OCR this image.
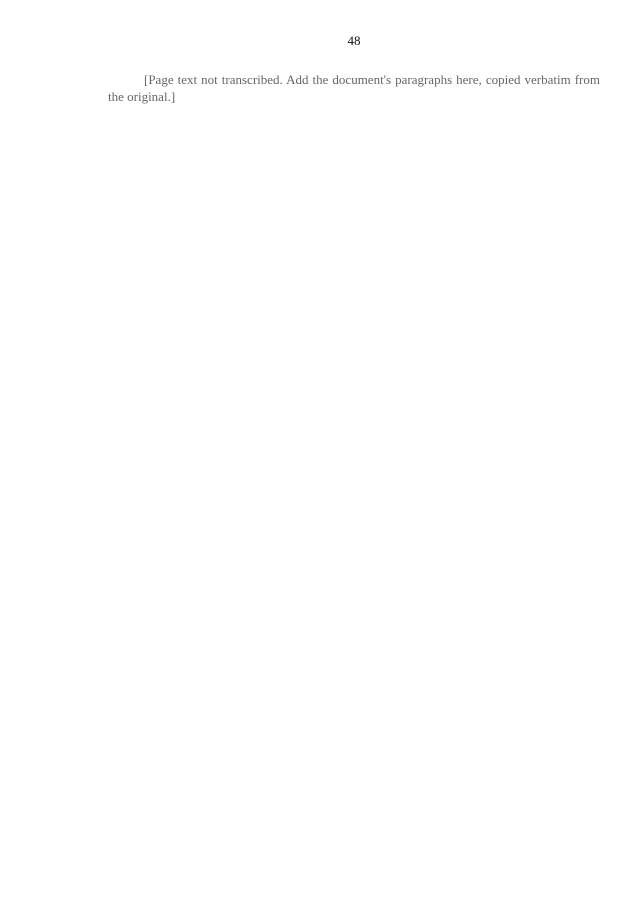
48

[Page text not transcribed. Add the document's paragraphs here, copied verbatim from the original.]
